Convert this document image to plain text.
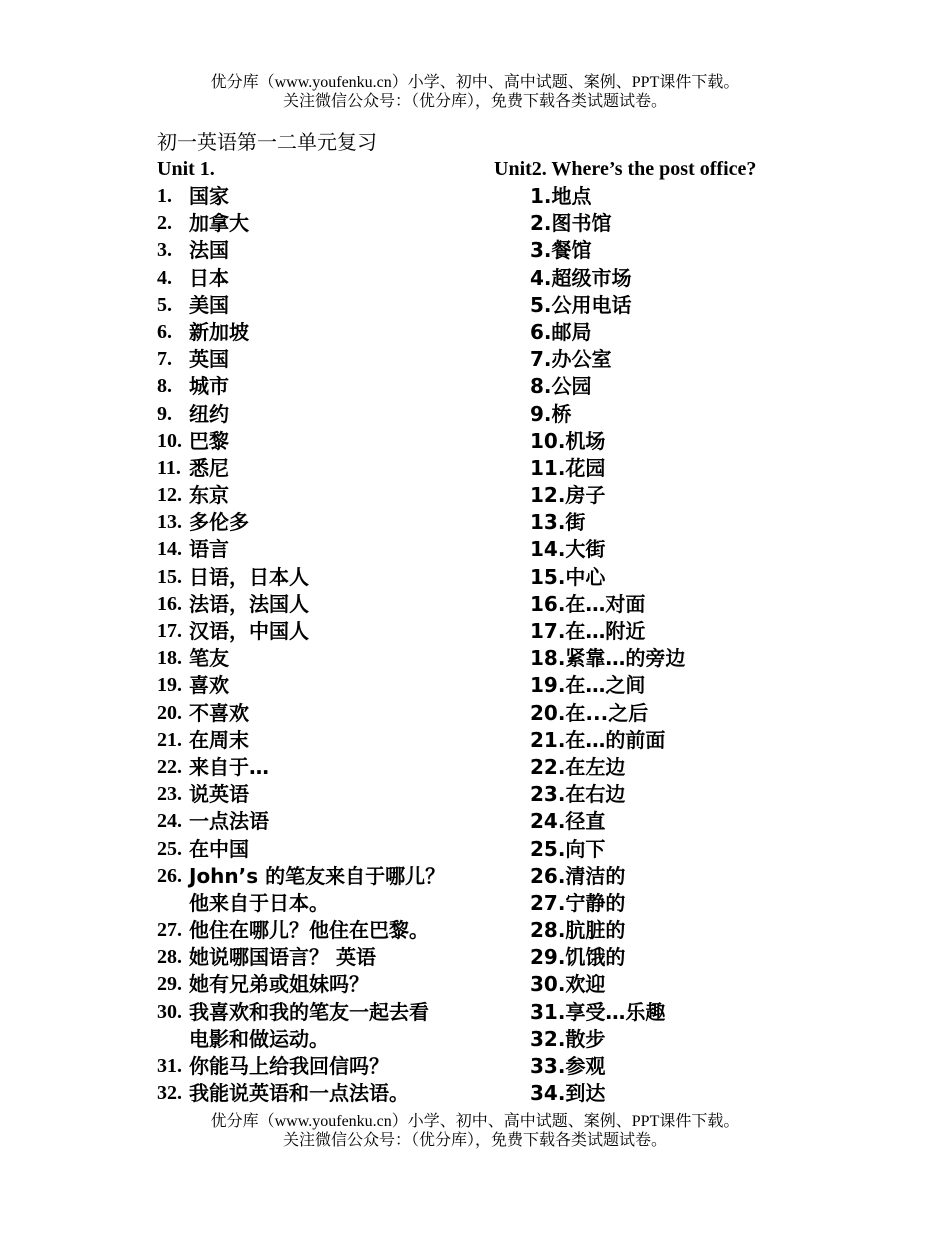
优分库（www.youfenku.cn）小学、初中、高中试题、案例、PPT课件下载。
关注微信公众号：（优分库），免费下载各类试题试卷。
初一英语第一二单元复习
Unit 1.
1. 国家
2. 加拿大
3. 法国
4. 日本
5. 美国
6. 新加坡
7. 英国
8. 城市
9. 纽约
10. 巴黎
11. 悉尼
12. 东京
13. 多伦多
14. 语言
15. 日语，日本人
16. 法语，法国人
17. 汉语，中国人
18. 笔友
19. 喜欢
20. 不喜欢
21. 在周末
22. 来自于…
23. 说英语
24. 一点法语
25. 在中国
26. John’s 的笔友来自于哪儿？
他来自于日本。
27. 他住在哪儿？他住在巴黎。
28. 她说哪国语言？ 英语
29. 她有兄弟或姐妹吗？
30. 我喜欢和我的笔友一起去看
电影和做运动。
31. 你能马上给我回信吗？
32. 我能说英语和一点法语。
Unit2. Where’s the post office?
1.地点
2.图书馆
3.餐馆
4.超级市场
5.公用电话
6.邮局
7.办公室
8.公园
9.桥
10.机场
11.花园
12.房子
13.街
14.大街
15.中心
16.在…对面
17.在…附近
18.紧靠…的旁边
19.在…之间
20.在...之后
21.在…的前面
22.在左边
23.在右边
24.径直
25.向下
26.清洁的
27.宁静的
28.肮脏的
29.饥饿的
30.欢迎
31.享受…乐趣
32.散步
33.参观
34.到达
优分库（www.youfenku.cn）小学、初中、高中试题、案例、PPT课件下载。
关注微信公众号：（优分库），免费下载各类试题试卷。
